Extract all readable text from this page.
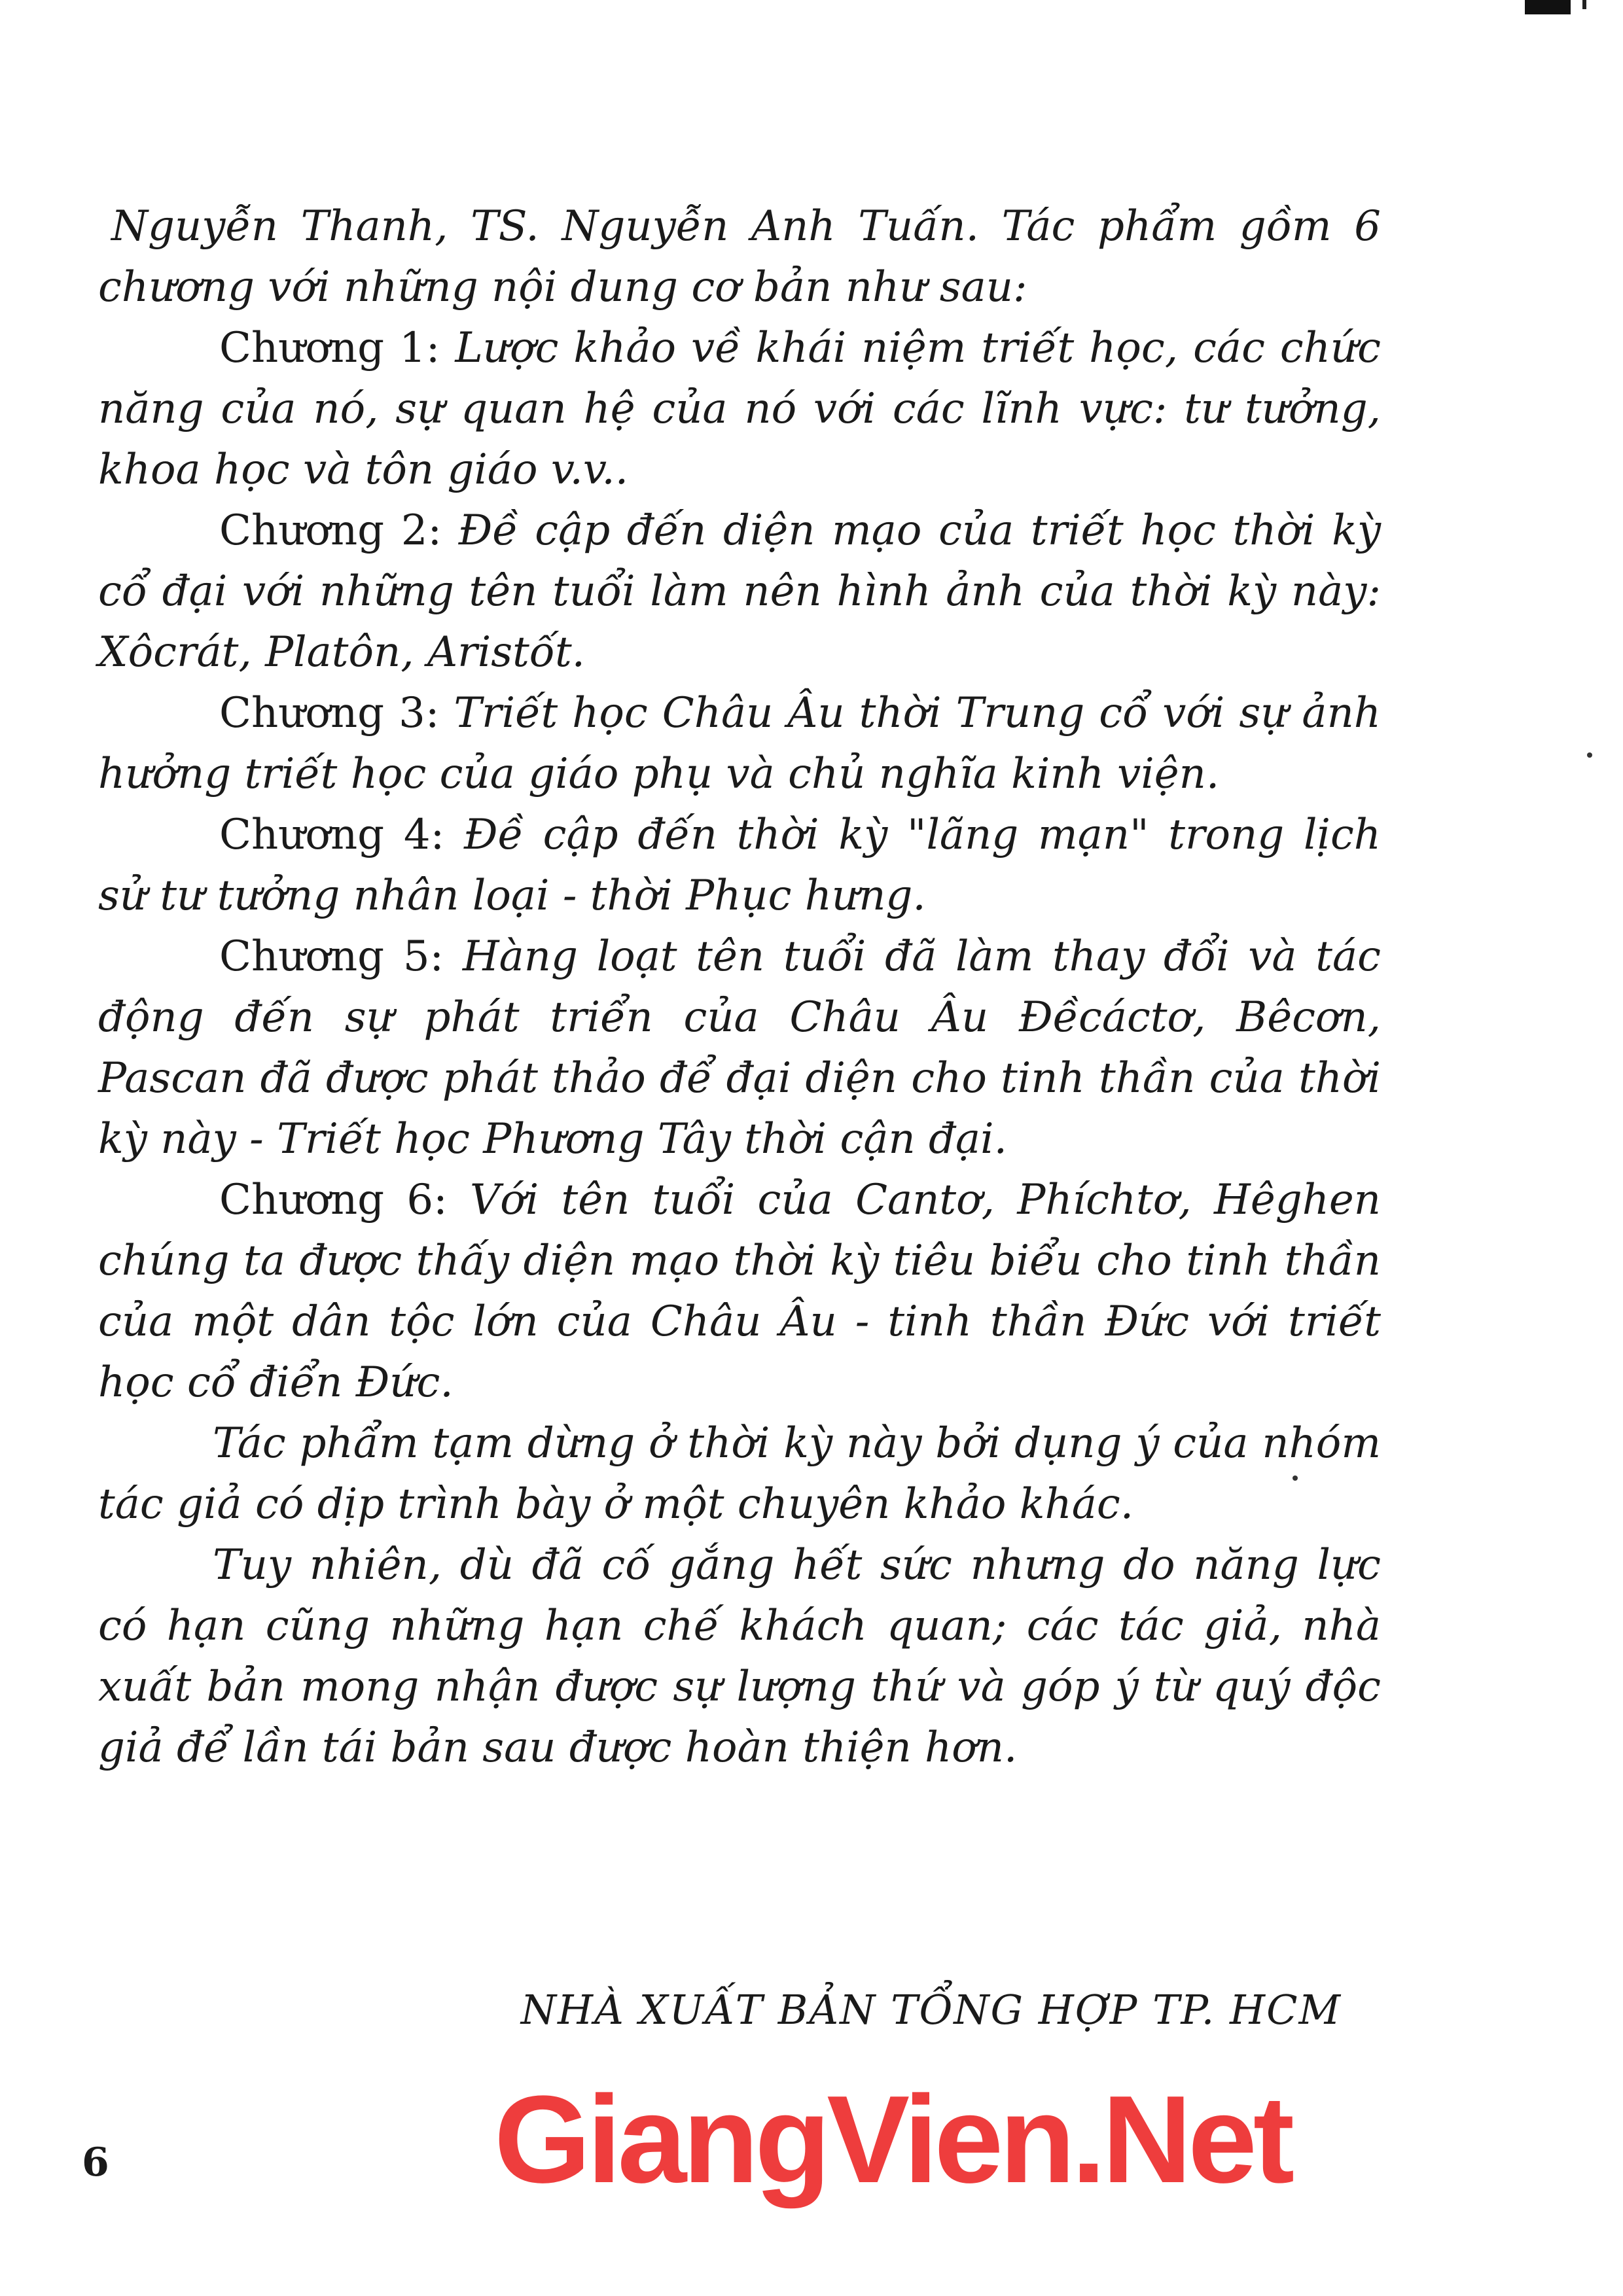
Nguyễn Thanh, TS. Nguyễn Anh Tuấn. Tác phẩm gồm 6 chương với những nội dung cơ bản như sau:

Chương 1: Lược khảo về khái niệm triết học, các chức năng của nó, sự quan hệ của nó với các lĩnh vực: tư tưởng, khoa học và tôn giáo v.v..

Chương 2: Đề cập đến diện mạo của triết học thời kỳ cổ đại với những tên tuổi làm nên hình ảnh của thời kỳ này: Xôcrát, Platôn, Aristốt.

Chương 3: Triết học Châu Âu thời Trung cổ với sự ảnh hưởng triết học của giáo phụ và chủ nghĩa kinh viện.

Chương 4: Đề cập đến thời kỳ "lãng mạn" trong lịch sử tư tưởng nhân loại - thời Phục hưng.

Chương 5: Hàng loạt tên tuổi đã làm thay đổi và tác động đến sự phát triển của Châu Âu Đềcáctơ, Bêcơn, Pascan đã được phát thảo để đại diện cho tinh thần của thời kỳ này - Triết học Phương Tây thời cận đại.

Chương 6: Với tên tuổi của Cantơ, Phíchtơ, Hêghen chúng ta được thấy diện mạo thời kỳ tiêu biểu cho tinh thần của một dân tộc lớn của Châu Âu - tinh thần Đức với triết học cổ điển Đức.

Tác phẩm tạm dừng ở thời kỳ này bởi dụng ý của nhóm tác giả có dịp trình bày ở một chuyên khảo khác.

Tuy nhiên, dù đã cố gắng hết sức nhưng do năng lực có hạn cũng những hạn chế khách quan; các tác giả, nhà xuất bản mong nhận được sự lượng thứ và góp ý từ quý độc giả để lần tái bản sau được hoàn thiện hơn.

NHÀ XUẤT BẢN TỔNG HỢP TP. HCM
6	GiangVien.Net
